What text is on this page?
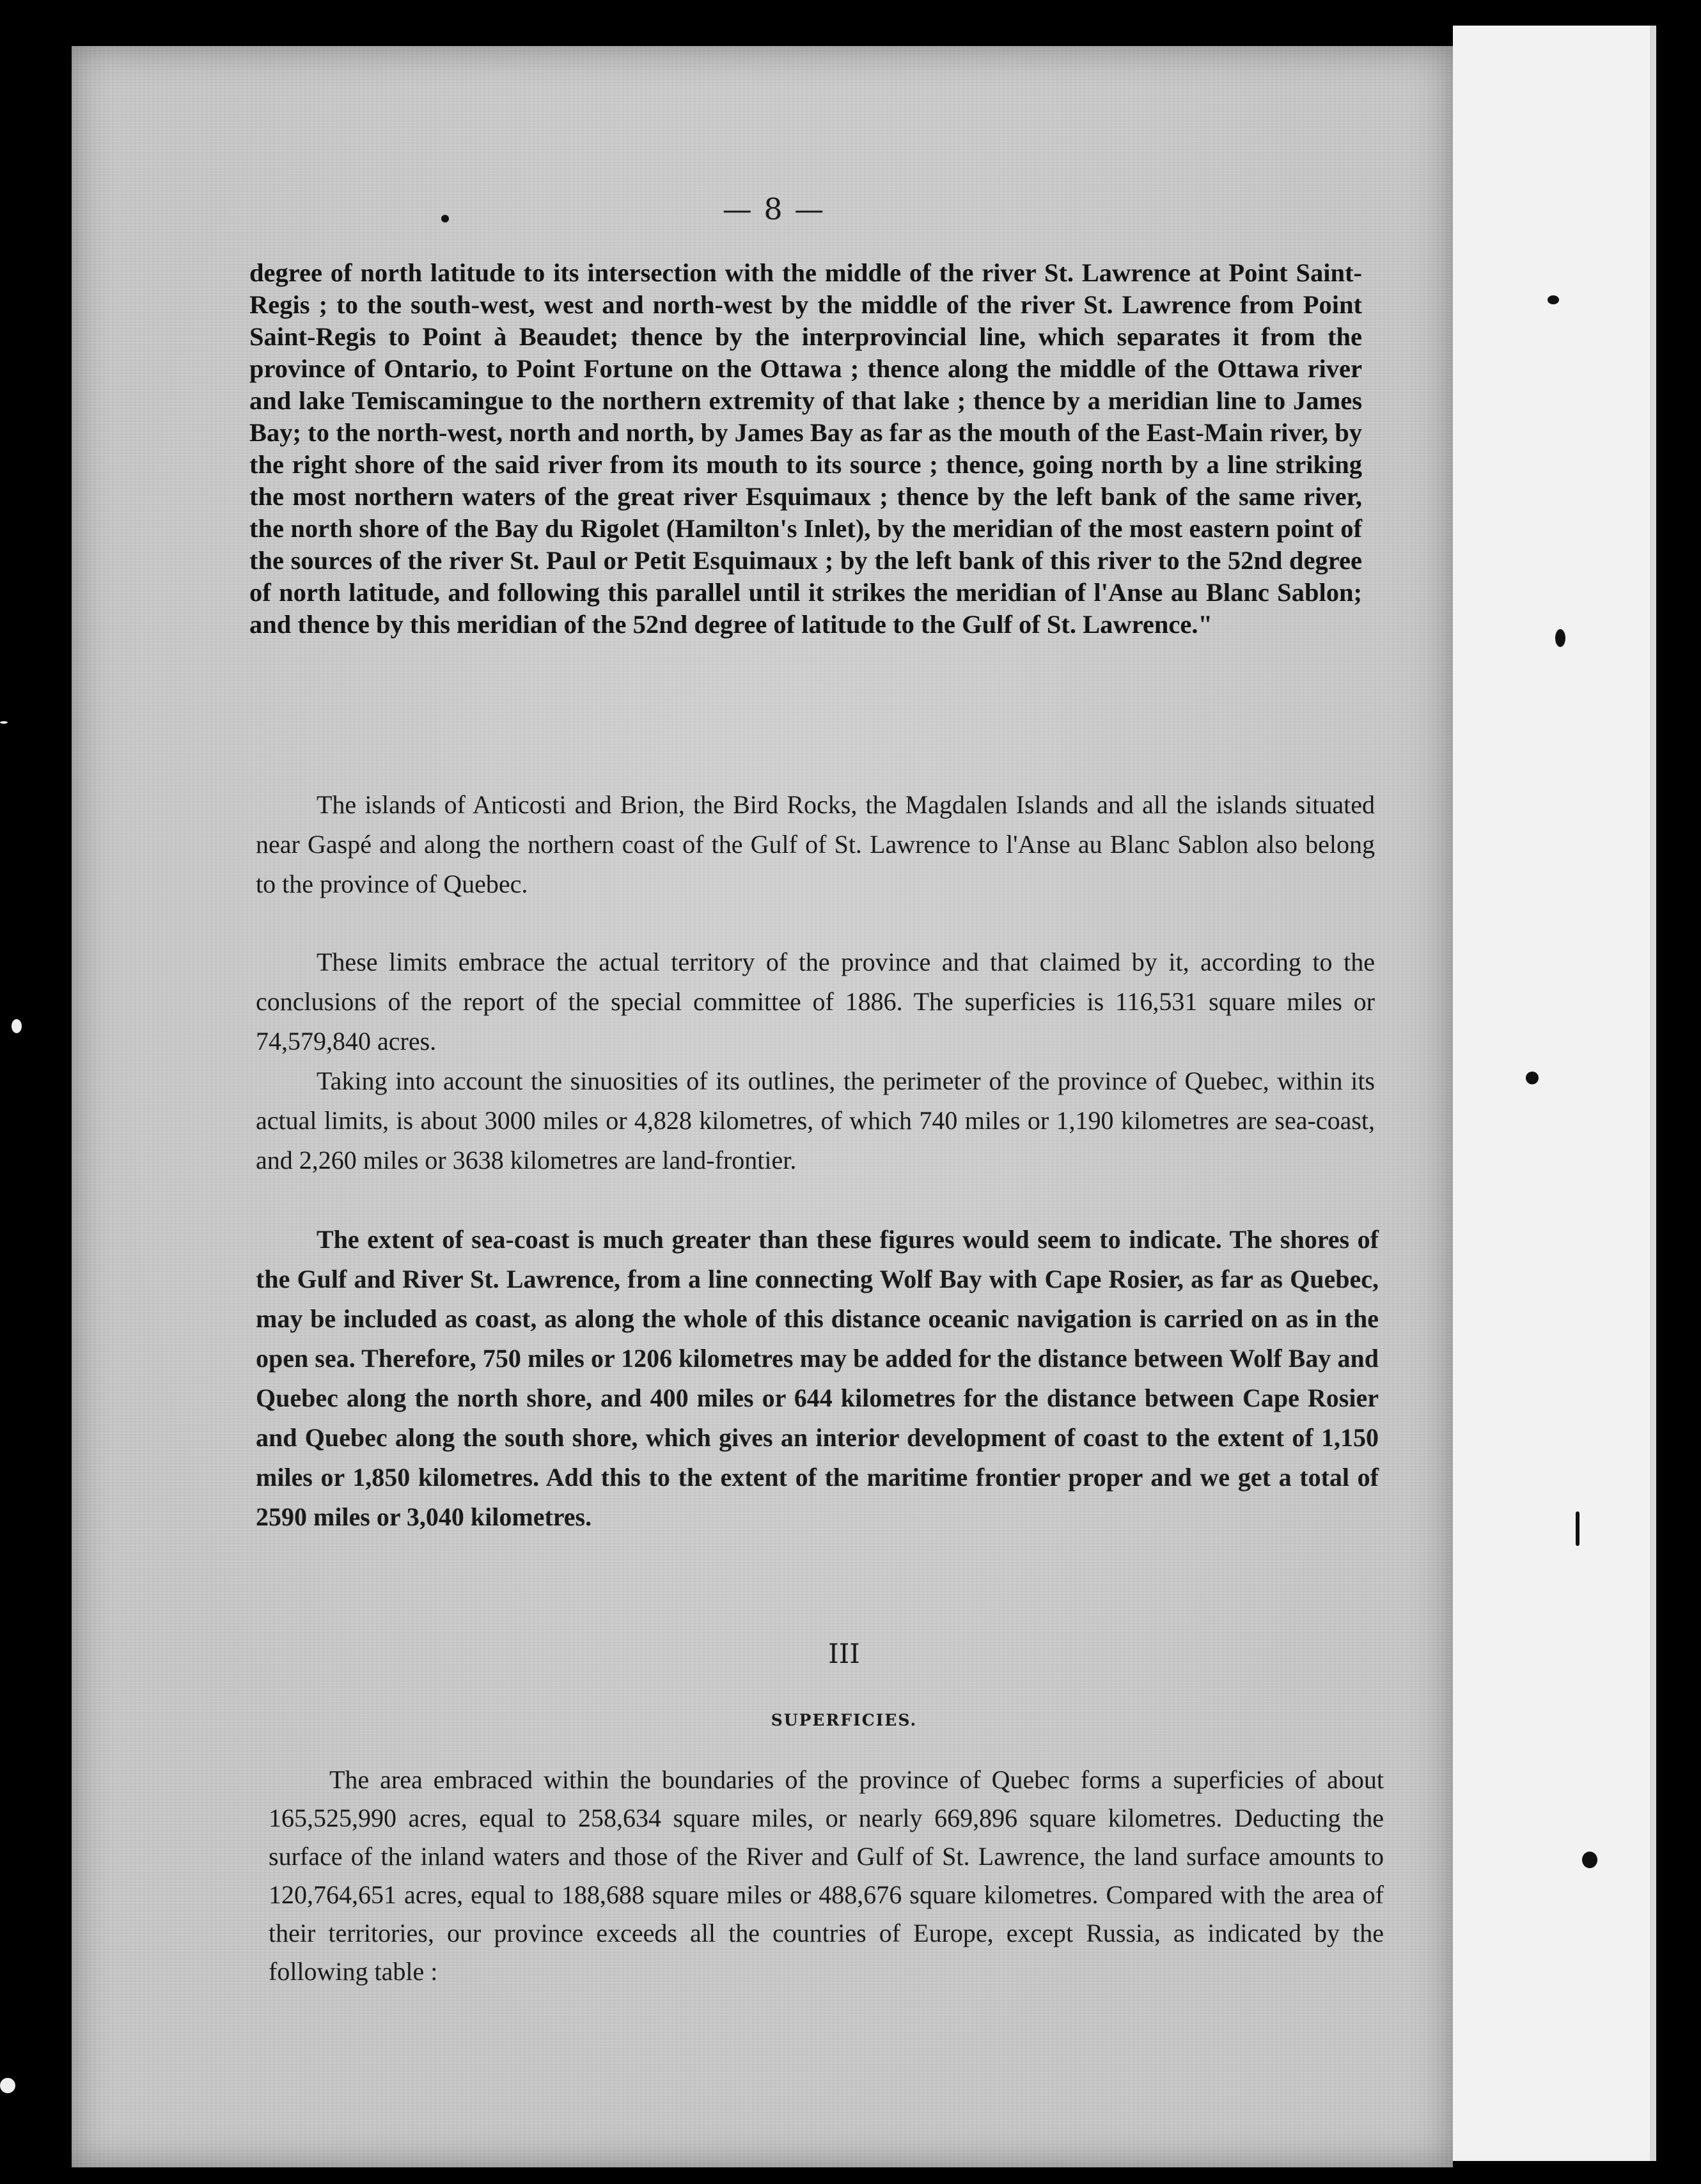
— 8 —
degree of north latitude to its intersection with the middle of the river St. Lawrence at Point Saint-Regis ; to the south-west, west and north-west by the middle of the river St. Lawrence from Point Saint-Regis to Point à Beaudet; thence by the interprovincial line, which separates it from the province of Ontario, to Point Fortune on the Ottawa ; thence along the middle of the Ottawa river and lake Temiscamingue to the northern extremity of that lake ; thence by a meridian line to James Bay; to the north-west, north and north, by James Bay as far as the mouth of the East-Main river, by the right shore of the said river from its mouth to its source ; thence, going north by a line striking the most northern waters of the great river Esquimaux ; thence by the left bank of the same river, the north shore of the Bay du Rigolet (Hamilton's Inlet), by the meridian of the most eastern point of the sources of the river St. Paul or Petit Esquimaux ; by the left bank of this river to the 52nd degree of north latitude, and following this parallel until it strikes the meridian of l'Anse au Blanc Sablon; and thence by this meridian of the 52nd degree of latitude to the Gulf of St. Lawrence."
The islands of Anticosti and Brion, the Bird Rocks, the Magdalen Islands and all the islands situated near Gaspé and along the northern coast of the Gulf of St. Lawrence to l'Anse au Blanc Sablon also belong to the province of Quebec.
These limits embrace the actual territory of the province and that claimed by it, according to the conclusions of the report of the special committee of 1886. The superficies is 116,531 square miles or 74,579,840 acres.
Taking into account the sinuosities of its outlines, the perimeter of the province of Quebec, within its actual limits, is about 3000 miles or 4,828 kilometres, of which 740 miles or 1,190 kilometres are sea-coast, and 2,260 miles or 3638 kilometres are land-frontier.
The extent of sea-coast is much greater than these figures would seem to indicate. The shores of the Gulf and River St. Lawrence, from a line connecting Wolf Bay with Cape Rosier, as far as Quebec, may be included as coast, as along the whole of this distance oceanic navigation is carried on as in the open sea. Therefore, 750 miles or 1206 kilometres may be added for the distance between Wolf Bay and Quebec along the north shore, and 400 miles or 644 kilometres for the distance between Cape Rosier and Quebec along the south shore, which gives an interior development of coast to the extent of 1,150 miles or 1,850 kilometres. Add this to the extent of the maritime frontier proper and we get a total of 2590 miles or 3,040 kilometres.
III
SUPERFICIES.
The area embraced within the boundaries of the province of Quebec forms a superficies of about 165,525,990 acres, equal to 258,634 square miles, or nearly 669,896 square kilometres. Deducting the surface of the inland waters and those of the River and Gulf of St. Lawrence, the land surface amounts to 120,764,651 acres, equal to 188,688 square miles or 488,676 square kilometres. Compared with the area of their territories, our province exceeds all the countries of Europe, except Russia, as indicated by the following table :
